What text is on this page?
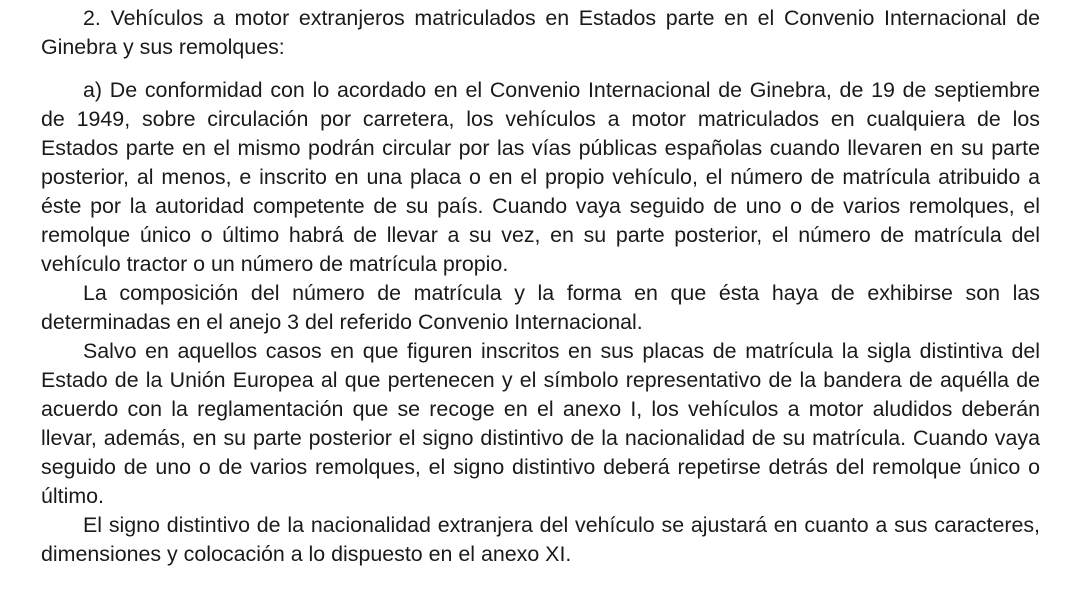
2. Vehículos a motor extranjeros matriculados en Estados parte en el Convenio Internacional de Ginebra y sus remolques:

a) De conformidad con lo acordado en el Convenio Internacional de Ginebra, de 19 de septiembre de 1949, sobre circulación por carretera, los vehículos a motor matriculados en cualquiera de los Estados parte en el mismo podrán circular por las vías públicas españolas cuando llevaren en su parte posterior, al menos, e inscrito en una placa o en el propio vehículo, el número de matrícula atribuido a éste por la autoridad competente de su país. Cuando vaya seguido de uno o de varios remolques, el remolque único o último habrá de llevar a su vez, en su parte posterior, el número de matrícula del vehículo tractor o un número de matrícula propio.

La composición del número de matrícula y la forma en que ésta haya de exhibirse son las determinadas en el anejo 3 del referido Convenio Internacional.

Salvo en aquellos casos en que figuren inscritos en sus placas de matrícula la sigla distintiva del Estado de la Unión Europea al que pertenecen y el símbolo representativo de la bandera de aquélla de acuerdo con la reglamentación que se recoge en el anexo I, los vehículos a motor aludidos deberán llevar, además, en su parte posterior el signo distintivo de la nacionalidad de su matrícula. Cuando vaya seguido de uno o de varios remolques, el signo distintivo deberá repetirse detrás del remolque único o último.

El signo distintivo de la nacionalidad extranjera del vehículo se ajustará en cuanto a sus caracteres, dimensiones y colocación a lo dispuesto en el anexo XI.
